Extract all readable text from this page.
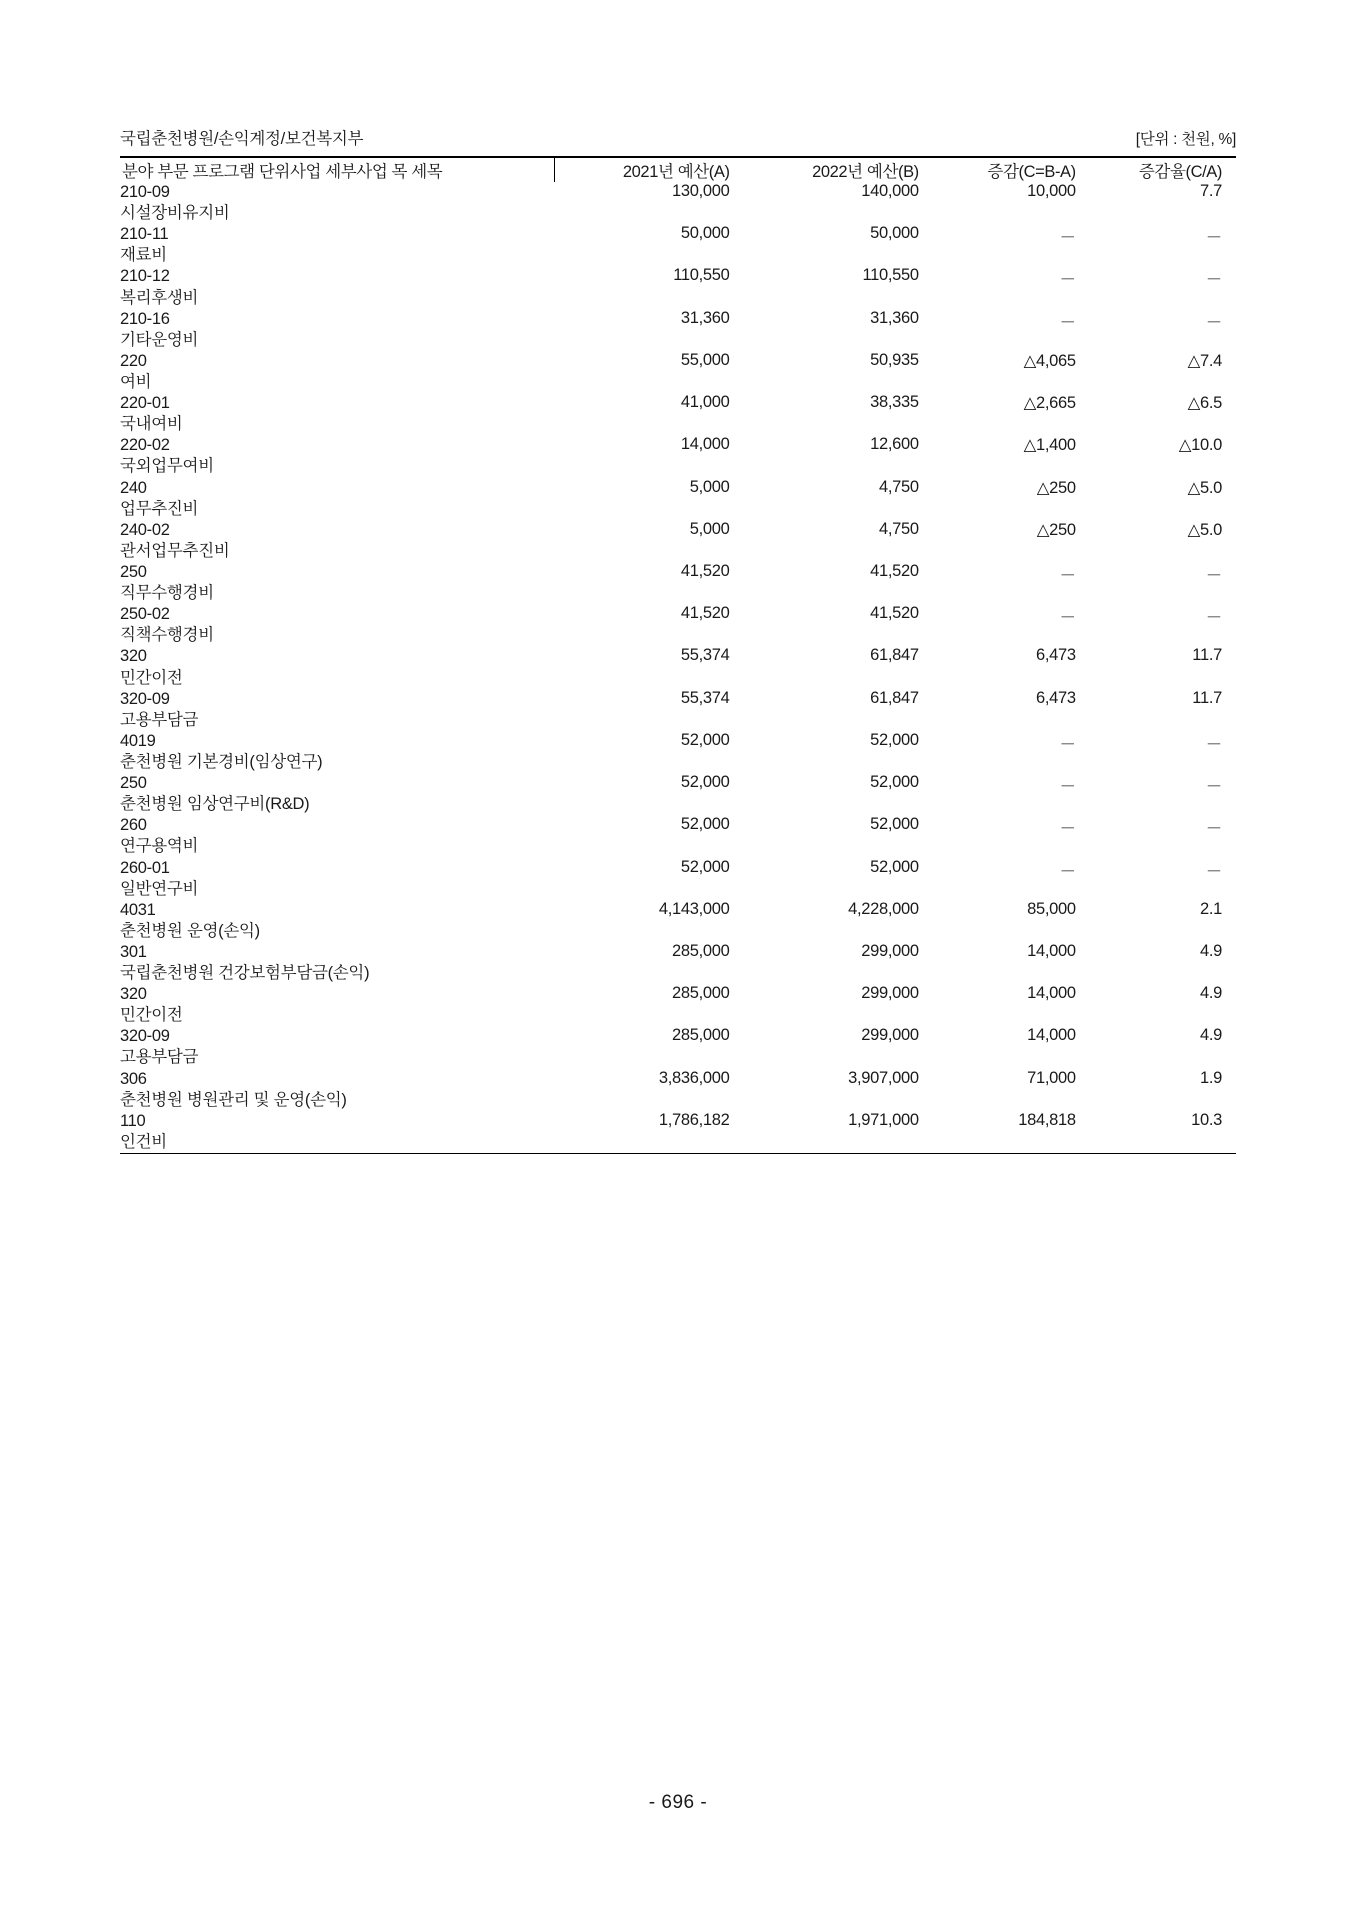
국립춘천병원/손익계정/보건복지부	[단위 : 천원, %]
분야 부문 프로그램 단위사업 세부사업 목 세목	2021년 예산(A)	2022년 예산(B)	증감(C=B-A)	증감율(C/A)

210-09
시설장비유지비	130,000	140,000	10,000	7.7

210-11
재료비	50,000	50,000	－	－

210-12
복리후생비	110,550	110,550	－	－

210-16
기타운영비	31,360	31,360	－	－

220
여비	55,000	50,935	△4,065	△7.4

220-01
국내여비	41,000	38,335	△2,665	△6.5

220-02
국외업무여비	14,000	12,600	△1,400	△10.0

240
업무추진비	5,000	4,750	△250	△5.0

240-02
관서업무추진비	5,000	4,750	△250	△5.0

250
직무수행경비	41,520	41,520	－	－

250-02
직책수행경비	41,520	41,520	－	－

320
민간이전	55,374	61,847	6,473	11.7

320-09
고용부담금	55,374	61,847	6,473	11.7

4019
춘천병원 기본경비(임상연구)	52,000	52,000	－	－

250
춘천병원 임상연구비(R&D)	52,000	52,000	－	－

260
연구용역비	52,000	52,000	－	－

260-01
일반연구비	52,000	52,000	－	－

4031
춘천병원 운영(손익)	4,143,000	4,228,000	85,000	2.1

301
국립춘천병원 건강보험부담금(손익)	285,000	299,000	14,000	4.9

320
민간이전	285,000	299,000	14,000	4.9

320-09
고용부담금	285,000	299,000	14,000	4.9

306
춘천병원 병원관리 및 운영(손익)	3,836,000	3,907,000	71,000	1.9

110
인건비	1,786,182	1,971,000	184,818	10.3
- 696 -
